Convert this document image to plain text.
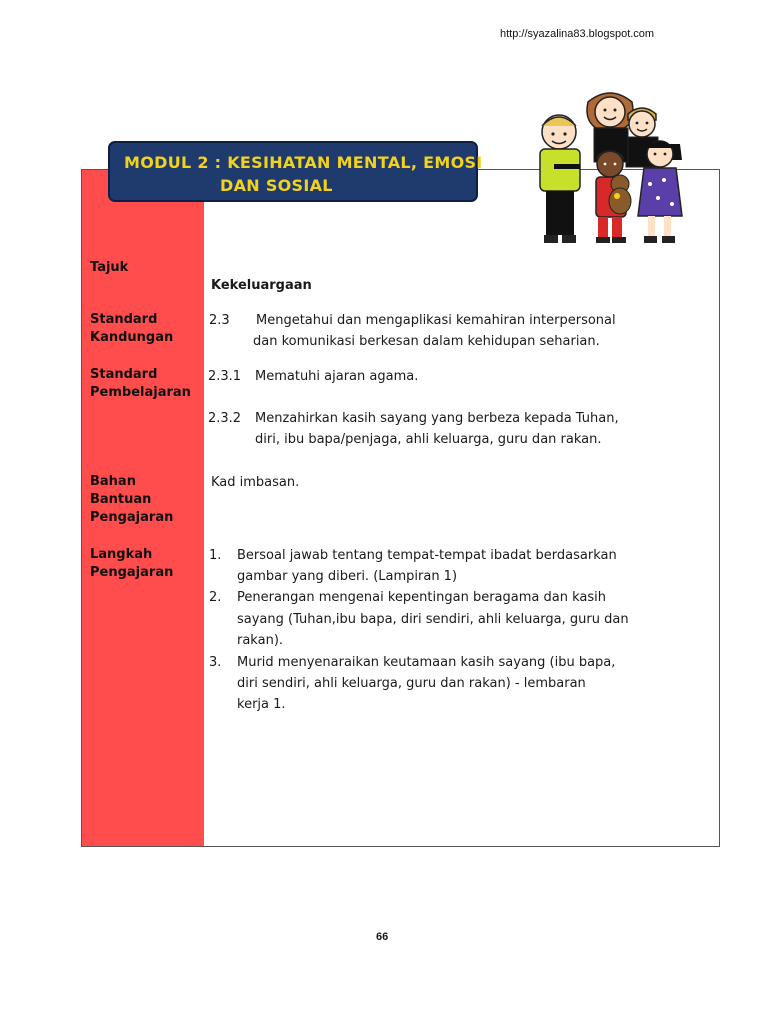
http://syazalina83.blogspot.com
MODUL 2 : KESIHATAN MENTAL, EMOSI
DAN SOSIAL
Tajuk
Kekeluargaan
Standard
Kandungan
2.3 Mengetahui dan mengaplikasi kemahiran interpersonal
dan komunikasi berkesan dalam kehidupan seharian.
Standard
Pembelajaran
2.3.1 Mematuhi ajaran agama.
2.3.2 Menzahirkan kasih sayang yang berbeza kepada Tuhan,
diri, ibu bapa/penjaga, ahli keluarga, guru dan rakan.
Bahan
Bantuan
Pengajaran
Kad imbasan.
Langkah
Pengajaran
1. Bersoal jawab tentang tempat-tempat ibadat berdasarkan
gambar yang diberi. (Lampiran 1)
2. Penerangan mengenai kepentingan beragama dan kasih
sayang (Tuhan,ibu bapa, diri sendiri, ahli keluarga, guru dan
rakan).
3. Murid menyenaraikan keutamaan kasih sayang (ibu bapa,
diri sendiri, ahli keluarga, guru dan rakan) - lembaran
kerja 1.
66
